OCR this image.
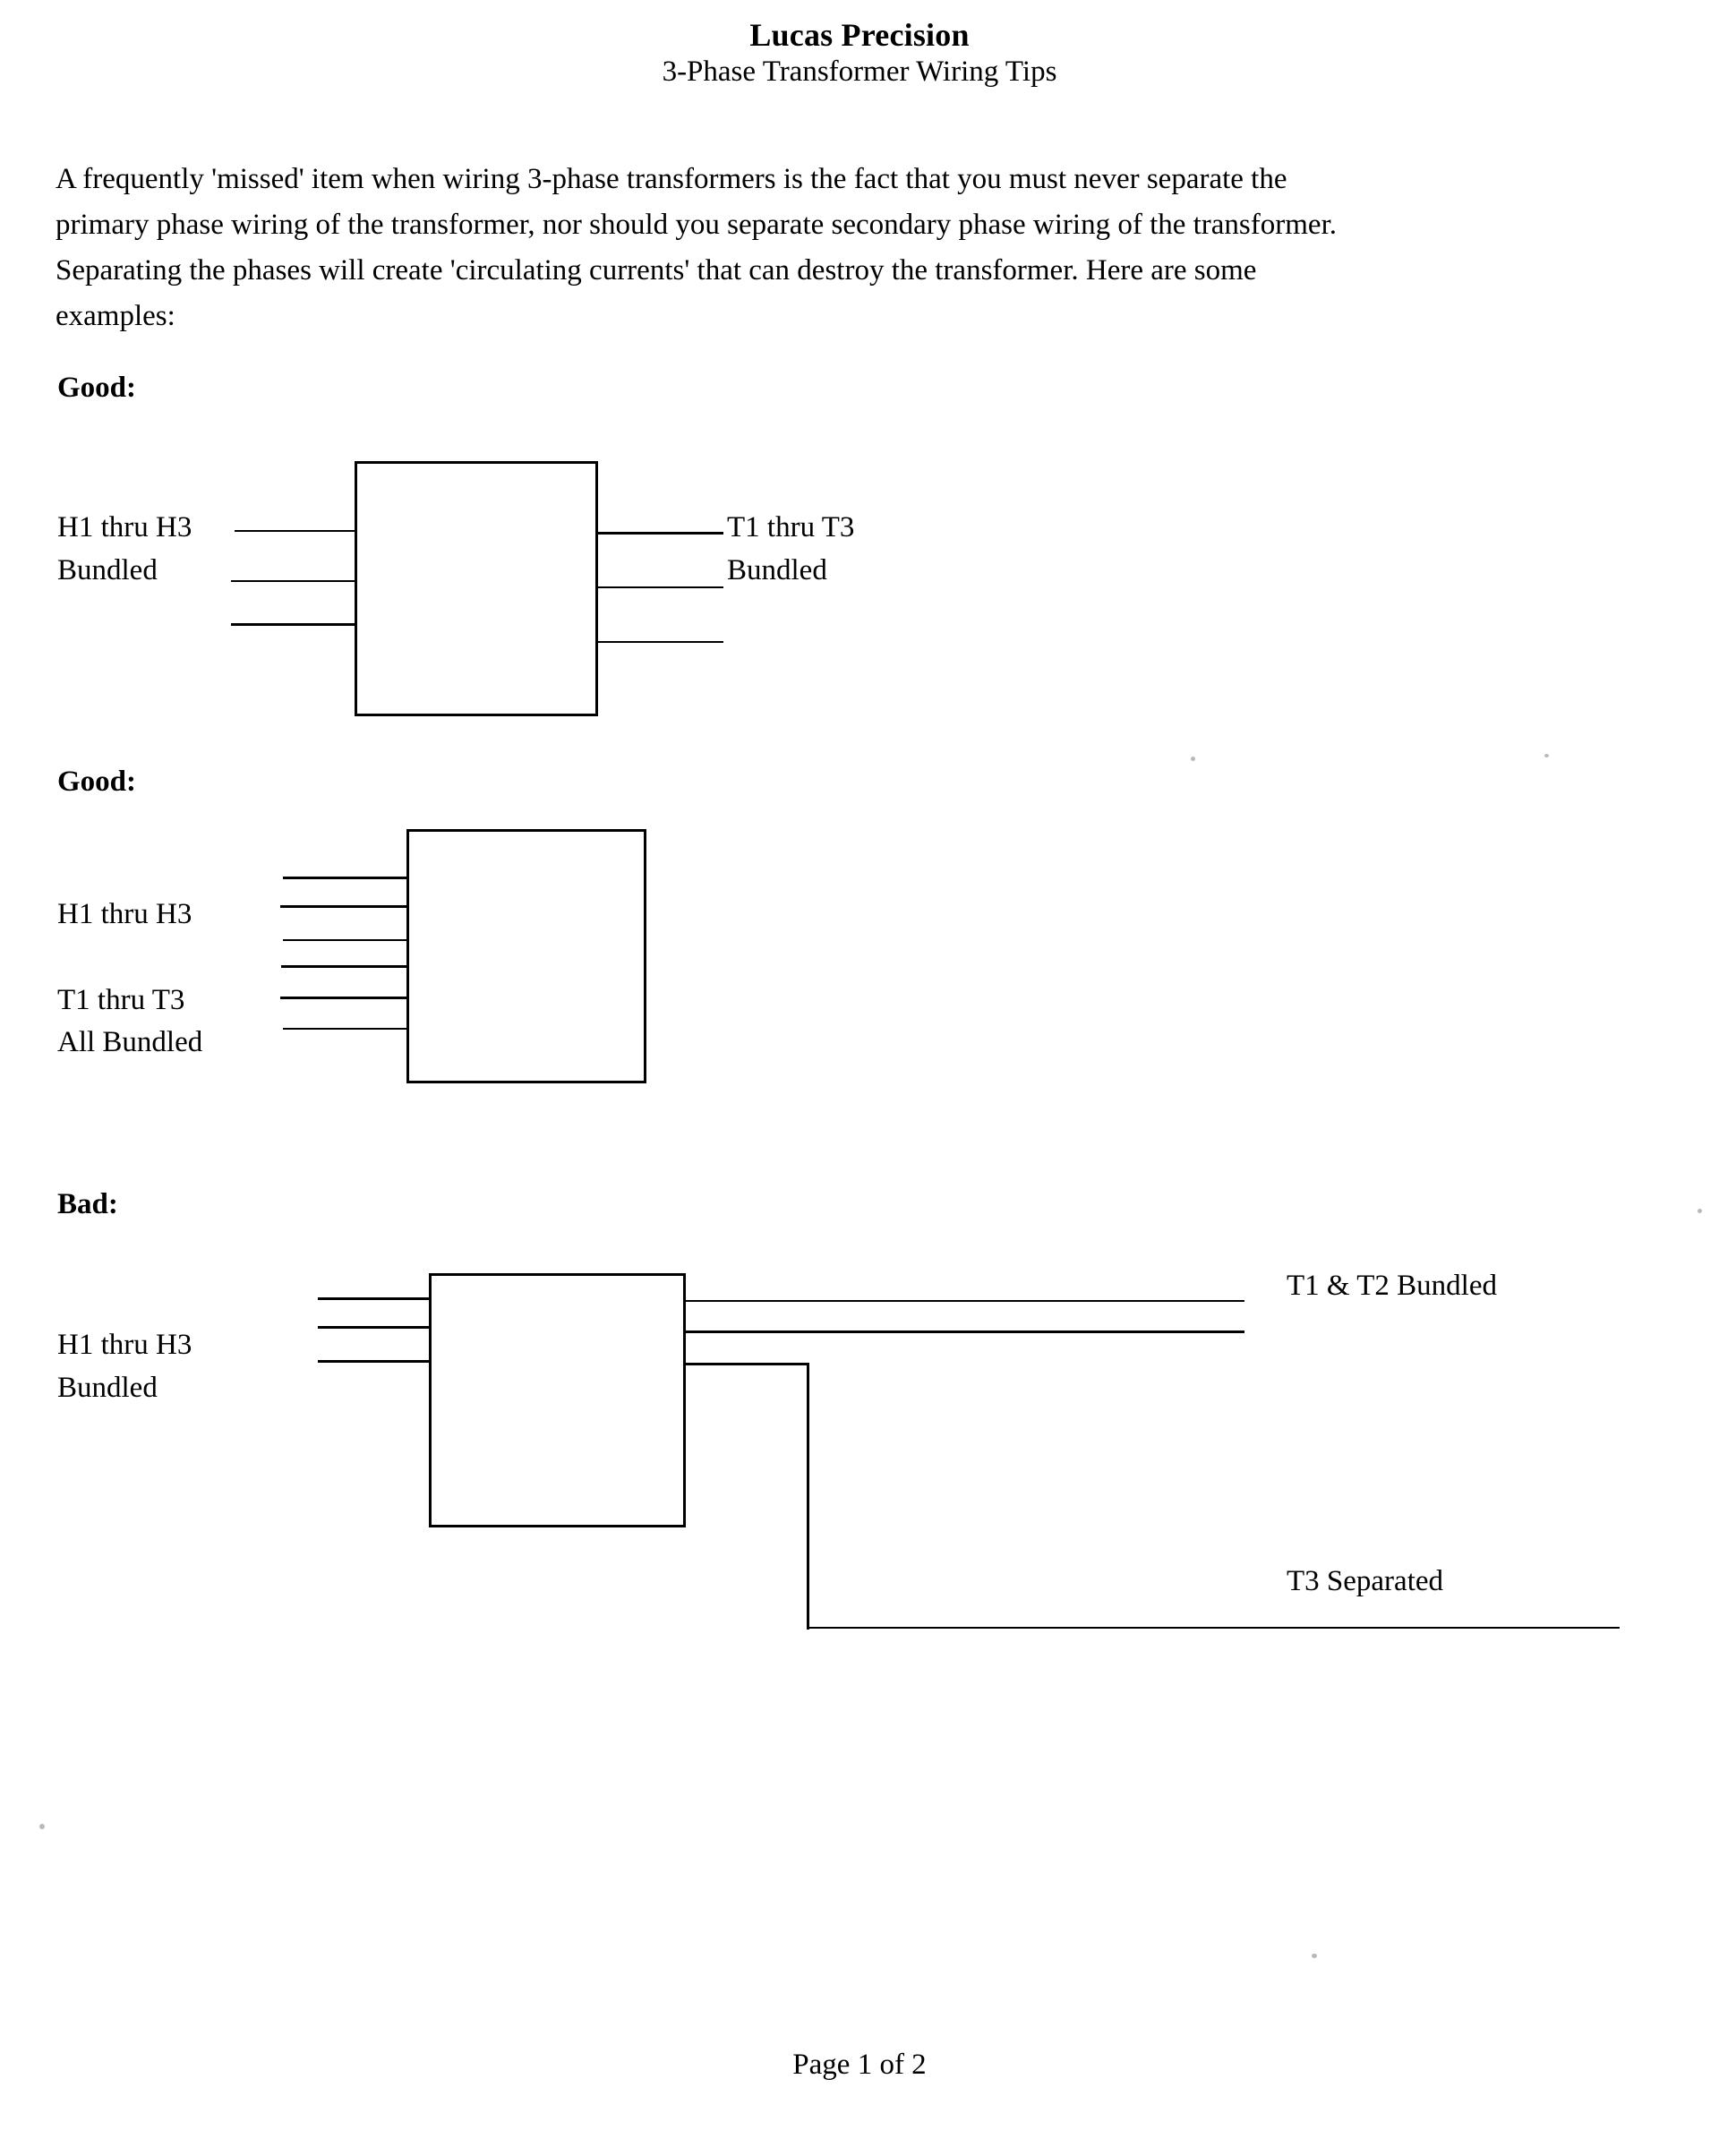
Lucas Precision
3-Phase Transformer Wiring Tips
A frequently 'missed' item when wiring 3-phase transformers is the fact that you must never separate the
primary phase wiring of the transformer, nor should you separate secondary phase wiring of the transformer.
Separating the phases will create 'circulating currents' that can destroy the transformer. Here are some
examples:
Good:
H1 thru H3
Bundled
T1 thru T3
Bundled
Good:
H1 thru H3
T1 thru T3
All Bundled
Bad:
H1 thru H3
Bundled
T1 & T2 Bundled
T3 Separated
Page 1 of 2
